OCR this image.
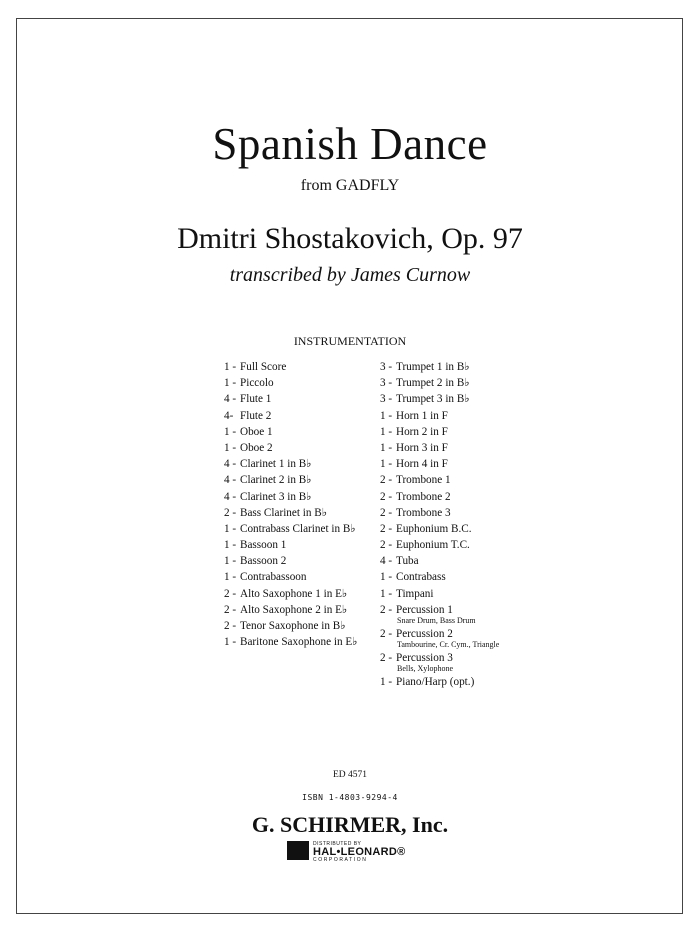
Spanish Dance
from GADFLY
Dmitri Shostakovich, Op. 97
transcribed by James Curnow
INSTRUMENTATION
1 - Full Score
1 - Piccolo
4 - Flute 1
4- Flute 2
1 - Oboe 1
1 - Oboe 2
4 - Clarinet 1 in B♭
4 - Clarinet 2 in B♭
4 - Clarinet 3 in B♭
2 - Bass Clarinet in B♭
1 - Contrabass Clarinet in B♭
1 - Bassoon 1
1 - Bassoon 2
1 - Contrabassoon
2 - Alto Saxophone 1 in E♭
2 - Alto Saxophone 2 in E♭
2 - Tenor Saxophone in B♭
1 - Baritone Saxophone in E♭
3 - Trumpet 1 in B♭
3 - Trumpet 2 in B♭
3 - Trumpet 3 in B♭
1 - Horn 1 in F
1 - Horn 2 in F
1 - Horn 3 in F
1 - Horn 4 in F
2 - Trombone 1
2 - Trombone 2
2 - Trombone 3
2 - Euphonium B.C.
2 - Euphonium T.C.
4 - Tuba
1 - Contrabass
1 - Timpani
2 - Percussion 1
Snare Drum, Bass Drum
2 - Percussion 2
Tambourine, Cr. Cym., Triangle
2 - Percussion 3
Bells, Xylophone
1 - Piano/Harp (opt.)
ED 4571
ISBN 1-4803-9294-4
G. SCHIRMER, Inc.
DISTRIBUTED BY
HAL•LEONARD®
CORPORATION
